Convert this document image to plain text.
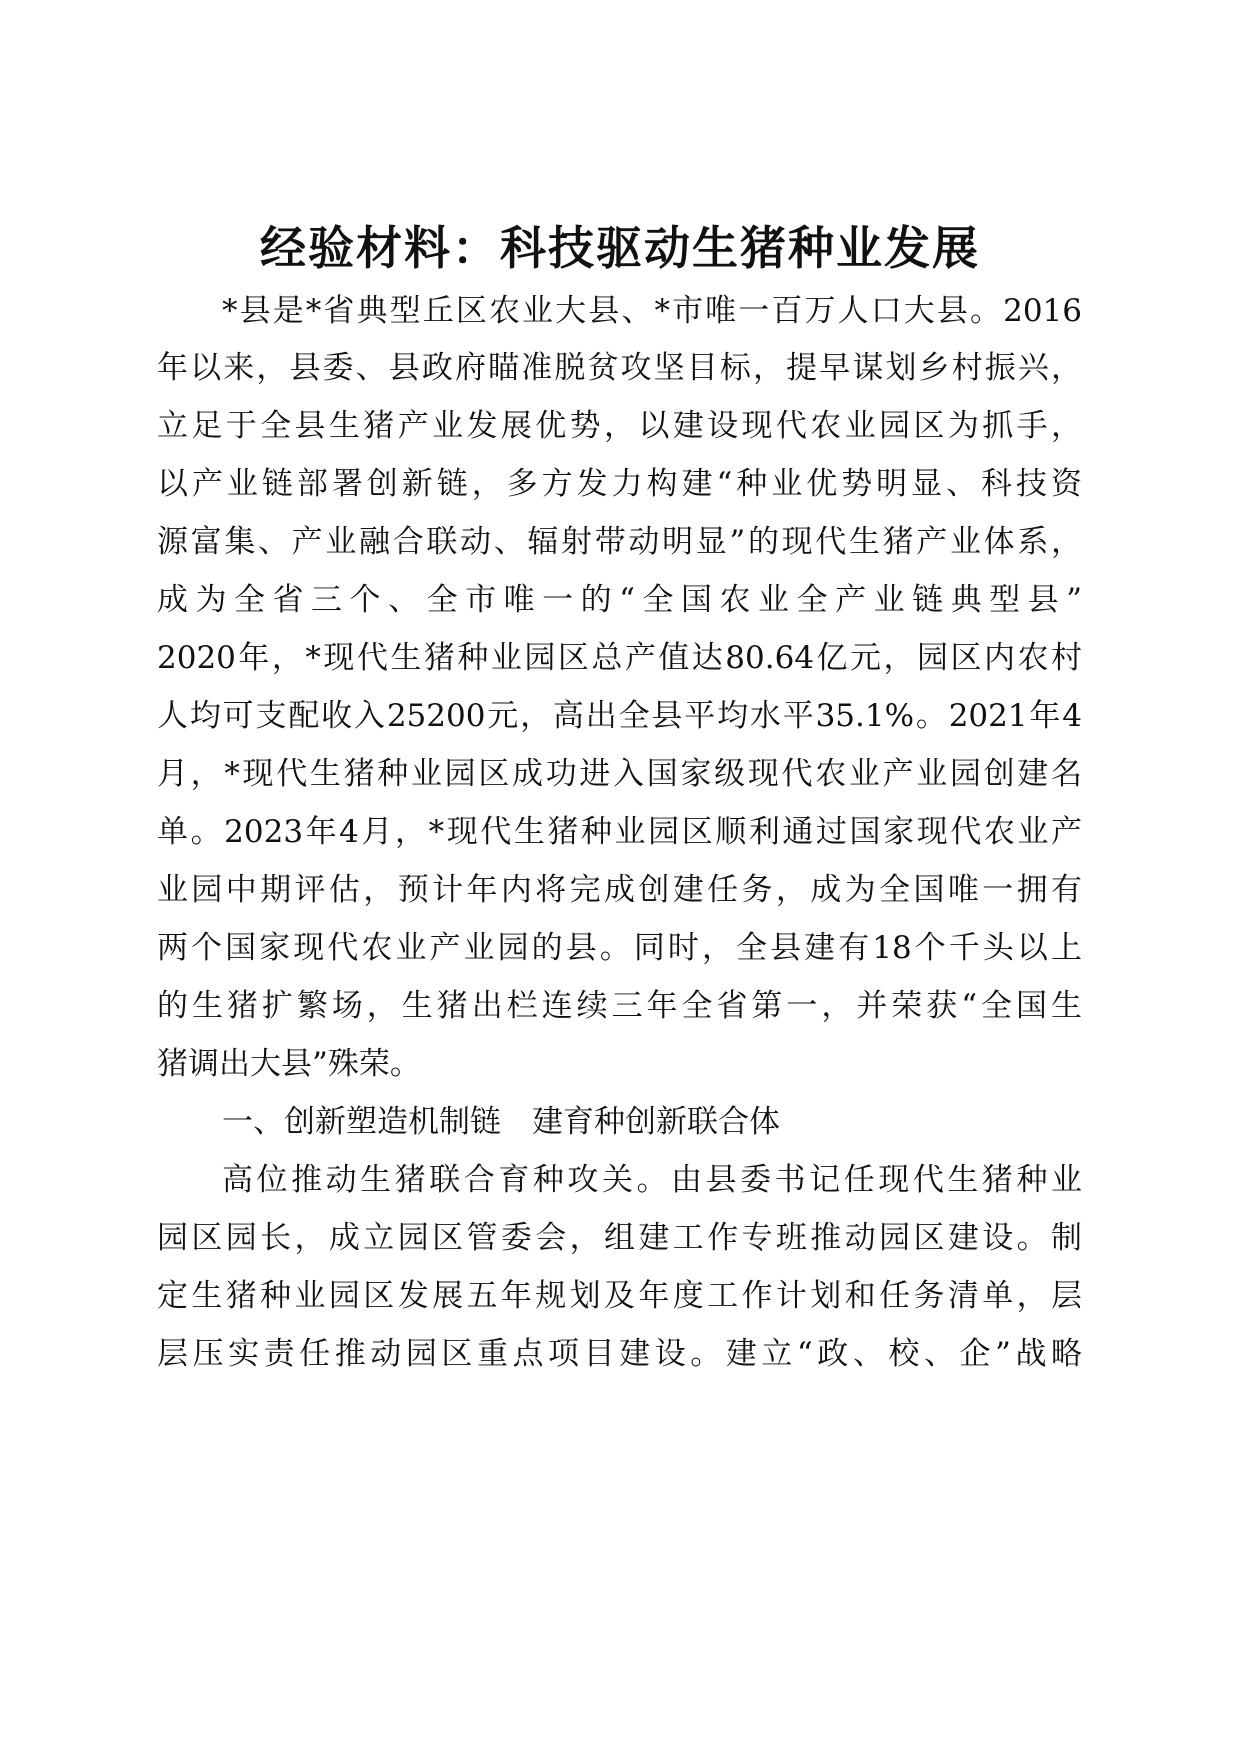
经验材料：科技驱动生猪种业发展
*县是*省典型丘区农业大县、*市唯一百万人口大县。2016
年以来，县委、县政府瞄准脱贫攻坚目标，提早谋划乡村振兴，
立足于全县生猪产业发展优势，以建设现代农业园区为抓手，
以产业链部署创新链，多方发力构建“种业优势明显、科技资
源富集、产业融合联动、辐射带动明显”的现代生猪产业体系，
成为全省三个、全市唯一的“全国农业全产业链典型县”
2020年，*现代生猪种业园区总产值达80.64亿元，园区内农村
人均可支配收入25200元，高出全县平均水平35.1%。2021年4
月，*现代生猪种业园区成功进入国家级现代农业产业园创建名
单。2023年4月，*现代生猪种业园区顺利通过国家现代农业产
业园中期评估，预计年内将完成创建任务，成为全国唯一拥有
两个国家现代农业产业园的县。同时，全县建有18个千头以上
的生猪扩繁场，生猪出栏连续三年全省第一，并荣获“全国生
猪调出大县”殊荣。
一、创新塑造机制链　建育种创新联合体
高位推动生猪联合育种攻关。由县委书记任现代生猪种业
园区园长，成立园区管委会，组建工作专班推动园区建设。制
定生猪种业园区发展五年规划及年度工作计划和任务清单，层
层压实责任推动园区重点项目建设。建立“政、校、企”战略
